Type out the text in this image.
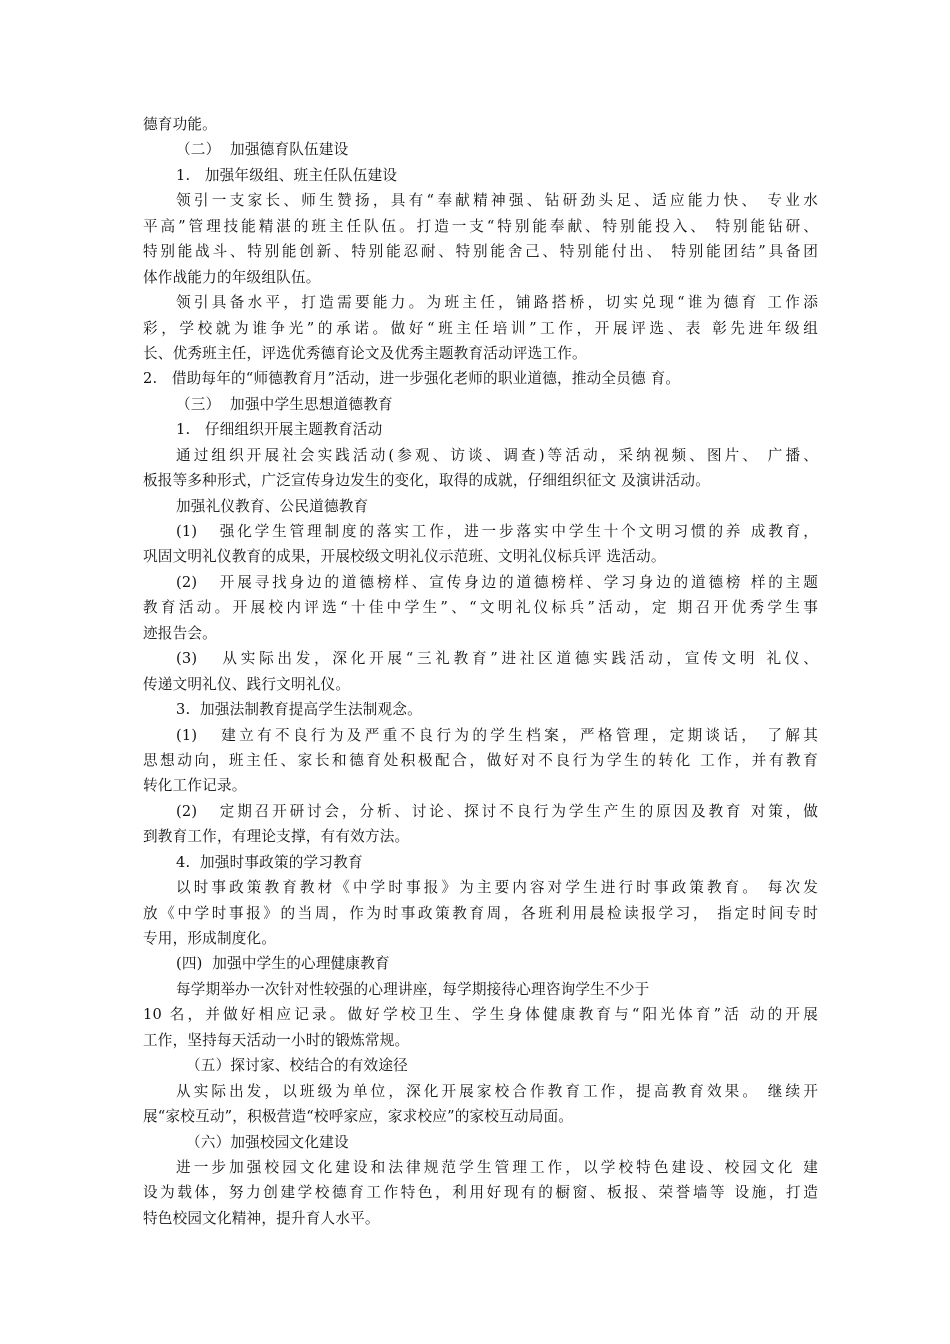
德育功能。
（二）  加强德育队伍建设
1.   加强年级组、班主任队伍建设
领引一支家长、师生赞扬，具有“奉献精神强、钻研劲头足、适应能力快、 专业水
平高”管理技能精湛的班主任队伍。打造一支“特别能奉献、特别能投入、 特别能钻研、
特别能战斗、特别能创新、特别能忍耐、特别能舍己、特别能付出、 特别能团结”具备团
体作战能力的年级组队伍。
领引具备水平，打造需要能力。为班主任，铺路搭桥，切实兑现“谁为德育 工作添
彩，学校就为谁争光”的承诺。做好“班主任培训”工作，开展评选、表 彰先进年级组
长、优秀班主任，评选优秀德育论文及优秀主题教育活动评选工作。
2.   借助每年的“师德教育月”活动，进一步强化老师的职业道德，推动全员德 育。
（三）  加强中学生思想道德教育
1.   仔细组织开展主题教育活动
通过组织开展社会实践活动(参观、访谈、调查)等活动，采纳视频、图片、 广播、
板报等多种形式，广泛宣传身边发生的变化，取得的成就，仔细组织征文 及演讲活动。
加强礼仪教育、公民道德教育
(1)   强化学生管理制度的落实工作，进一步落实中学生十个文明习惯的养 成教育，
巩固文明礼仪教育的成果，开展校级文明礼仪示范班、文明礼仪标兵评 选活动。
(2)   开展寻找身边的道德榜样、宣传身边的道德榜样、学习身边的道德榜 样的主题
教育活动。开展校内评选“十佳中学生”、“文明礼仪标兵”活动，定 期召开优秀学生事
迹报告会。
(3)   从实际出发，深化开展“三礼教育”进社区道德实践活动，宣传文明 礼仪、
传递文明礼仪、践行文明礼仪。
3.  加强法制教育提高学生法制观念。
(1)   建立有不良行为及严重不良行为的学生档案，严格管理，定期谈话， 了解其
思想动向，班主任、家长和德育处积极配合，做好对不良行为学生的转化 工作，并有教育
转化工作记录。
(2)   定期召开研讨会，分析、讨论、探讨不良行为学生产生的原因及教育 对策，做
到教育工作，有理论支撑，有有效方法。
4.  加强时事政策的学习教育
以时事政策教育教材《中学时事报》为主要内容对学生进行时事政策教育。 每次发
放《中学时事报》的当周，作为时事政策教育周，各班利用晨检读报学习， 指定时间专时
专用，形成制度化。
(四)  加强中学生的心理健康教育
每学期举办一次针对性较强的心理讲座，每学期接待心理咨询学生不少于
10 名，并做好相应记录。做好学校卫生、学生身体健康教育与“阳光体育”活 动的开展
工作，坚持每天活动一小时的锻炼常规。
（五）探讨家、校结合的有效途径
从实际出发，以班级为单位，深化开展家校合作教育工作，提高教育效果。 继续开
展“家校互动”，积极营造“校呼家应，家求校应”的家校互动局面。
（六）加强校园文化建设
进一步加强校园文化建设和法律规范学生管理工作，以学校特色建设、校园文化 建
设为载体，努力创建学校德育工作特色，利用好现有的橱窗、板报、荣誉墙等 设施，打造
特色校园文化精神，提升育人水平。
